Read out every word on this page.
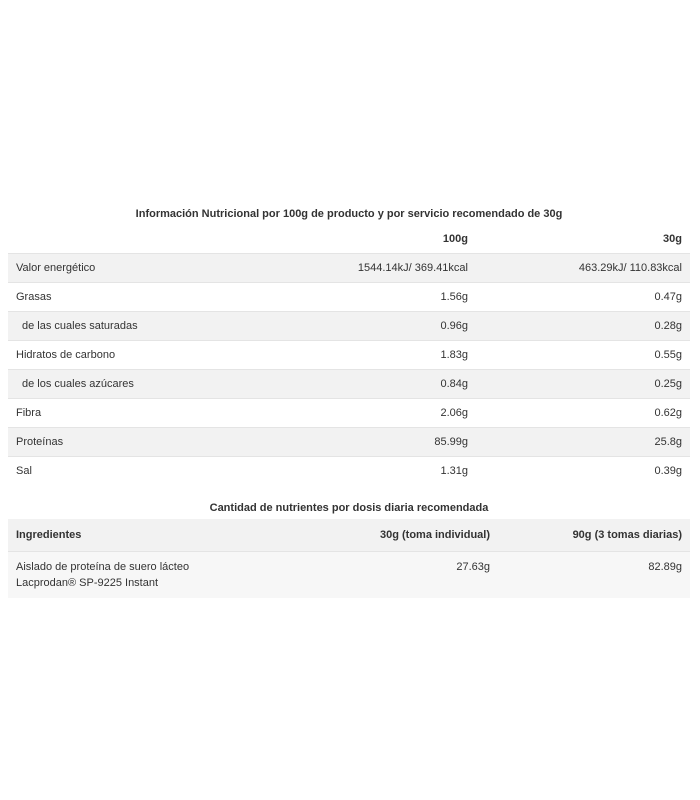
Información Nutricional por 100g de producto y por servicio recomendado de 30g
	100g	30g
Valor energético	1544.14kJ/ 369.41kcal	463.29kJ/ 110.83kcal
Grasas	1.56g	0.47g
de las cuales saturadas	0.96g	0.28g
Hidratos de carbono	1.83g	0.55g
de los cuales azúcares	0.84g	0.25g
Fibra	2.06g	0.62g
Proteínas	85.99g	25.8g
Sal	1.31g	0.39g
Cantidad de nutrientes por dosis diaria recomendada
Ingredientes	30g (toma individual)	90g (3 tomas diarias)

Aislado de proteína de suero lácteo
Lacprodan® SP-9225 Instant	27.63g	82.89g
